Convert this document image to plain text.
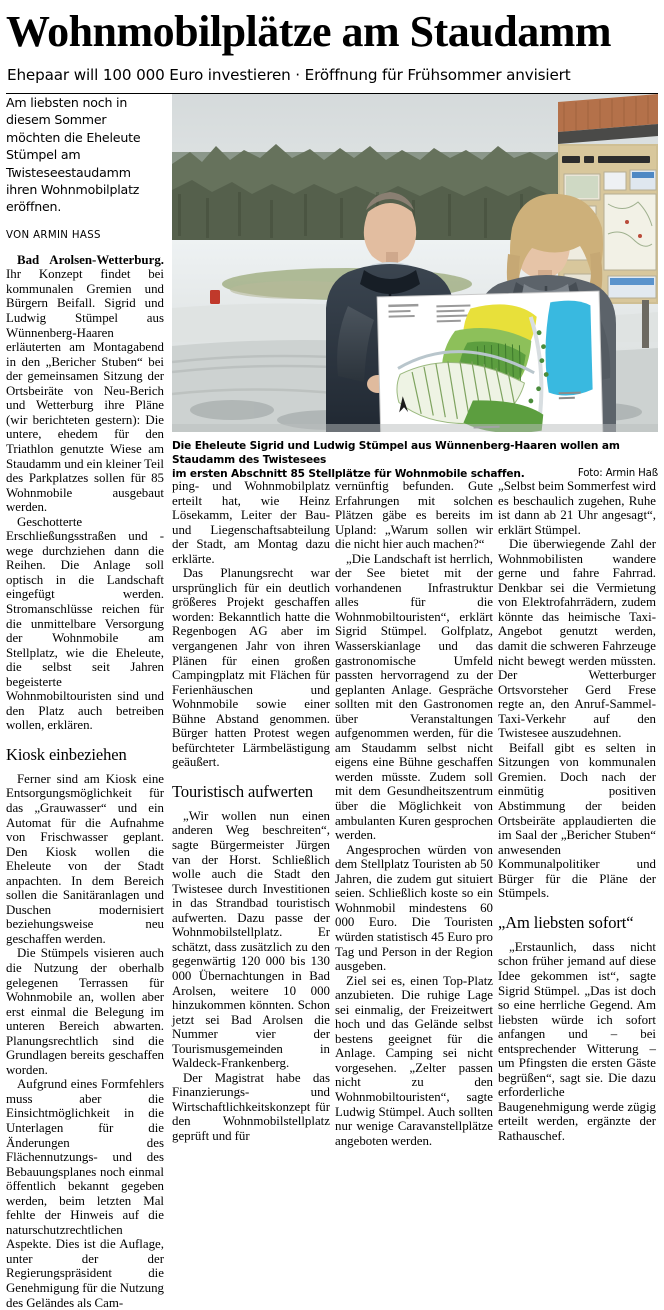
Wohnmobilplätze am Staudamm
Ehepaar will 100 000 Euro investieren · Eröffnung für Frühsommer anvisiert
Die Eheleute Sigrid und Ludwig Stümpel aus Wünnenberg-Haaren wollen am Staudamm des Twistesees
im ersten Abschnitt 85 Stellplätze für Wohnmobile schaffen.	Foto: Armin Haß
Am liebsten noch in diesem Sommer möchten die Eheleute Stümpel am Twisteseestaudamm ihren Wohnmobilplatz eröffnen.
VON ARMIN HASS

Bad Arolsen-Wetterburg. Ihr Konzept findet bei kommunalen Gremien und Bürgern Beifall. Sigrid und Ludwig Stümpel aus Wünnenberg-Haaren erläuterten am Montagabend in den „Bericher Stuben“ bei der gemeinsamen Sitzung der Ortsbeiräte von Neu-Berich und Wetterburg ihre Pläne (wir berichteten gestern): Die untere, ehedem für den Triathlon genutzte Wiese am Staudamm und ein kleiner Teil des Parkplatzes sollen für 85 Wohnmobile ausgebaut werden.

Geschotterte Erschließungsstraßen und -wege durchziehen dann die Reihen. Die Anlage soll optisch in die Landschaft eingefügt werden. Stromanschlüsse reichen für die unmittelbare Versorgung der Wohnmobile am Stellplatz, wie die Eheleute, die selbst seit Jahren begeisterte Wohnmobiltouristen sind und den Platz auch betreiben wollen, erklären.

Kiosk einbeziehen

Ferner sind am Kiosk eine Entsorgungsmöglichkeit für das „Grauwasser“ und ein Automat für die Aufnahme von Frischwasser geplant. Den Kiosk wollen die Eheleute von der Stadt anpachten. In dem Bereich sollen die Sanitäranlagen und Duschen modernisiert beziehungsweise neu geschaffen werden.

Die Stümpels visieren auch die Nutzung der oberhalb gelegenen Terrassen für Wohnmobile an, wollen aber erst einmal die Belegung im unteren Bereich abwarten. Planungsrechtlich sind die Grundlagen bereits geschaffen worden.

Aufgrund eines Formfehlers muss aber die Einsichtmöglichkeit in die Unterlagen für die Änderungen des Flächennutzungs- und des Bebauungsplanes noch einmal öffentlich bekannt gegeben werden, beim letzten Mal fehlte der Hinweis auf die naturschutzrechtlichen Aspekte. Dies ist die Auflage, unter der der Regierungspräsident die Genehmigung für die Nutzung des Geländes als Cam-

ping- und Wohnmobilplatz erteilt hat, wie Heinz Lösekamm, Leiter der Bau- und Liegenschaftsabteilung der Stadt, am Montag dazu erklärte.

Das Planungsrecht war ursprünglich für ein deutlich größeres Projekt geschaffen worden: Bekanntlich hatte die Regenbogen AG aber im vergangenen Jahr von ihren Plänen für einen großen Campingplatz mit Flächen für Ferienhäuschen und Wohnmobile sowie einer Bühne Abstand genommen. Bürger hatten Protest wegen befürchteter Lärmbelästigung geäußert.

Touristisch aufwerten

„Wir wollen nun einen anderen Weg beschreiten“, sagte Bürgermeister Jürgen van der Horst. Schließlich wolle auch die Stadt den Twistesee durch Investitionen in das Strandbad touristisch aufwerten. Dazu passe der Wohnmobilstellplatz. Er schätzt, dass zusätzlich zu den gegenwärtig 120 000 bis 130 000 Übernachtungen in Bad Arolsen, weitere 10 000 hinzukommen könnten. Schon jetzt sei Bad Arolsen die Nummer vier der Tourismusgemeinden in Waldeck-Frankenberg.

Der Magistrat habe das Finanzierungs- und Wirtschaftlichkeitskonzept für den Wohnmobilstellplatz geprüft und für

vernünftig befunden. Gute Erfahrungen mit solchen Plätzen gäbe es bereits im Upland: „Warum sollen wir die nicht hier auch machen?“

„Die Landschaft ist herrlich, der See bietet mit der vorhandenen Infrastruktur alles für die Wohnmobiltouristen“, erklärt Sigrid Stümpel. Golfplatz, Wasserskianlage und das gastronomische Umfeld passten hervorragend zu der geplanten Anlage. Gespräche sollten mit den Gastronomen über Veranstaltungen aufgenommen werden, für die am Staudamm selbst nicht eigens eine Bühne geschaffen werden müsste. Zudem soll mit dem Gesundheitszentrum über die Möglichkeit von ambulanten Kuren gesprochen werden.

Angesprochen würden von dem Stellplatz Touristen ab 50 Jahren, die zudem gut situiert seien. Schließlich koste so ein Wohnmobil mindestens 60 000 Euro. Die Touristen würden statistisch 45 Euro pro Tag und Person in der Region ausgeben.

Ziel sei es, einen Top-Platz anzubieten. Die ruhige Lage sei einmalig, der Freizeitwert hoch und das Gelände selbst bestens geeignet für die Anlage. Camping sei nicht vorgesehen. „Zelter passen nicht zu den Wohnmobiltouristen“, sagte Ludwig Stümpel. Auch sollten nur wenige Caravanstellplätze angeboten werden.

„Selbst beim Sommerfest wird es beschaulich zugehen, Ruhe ist dann ab 21 Uhr angesagt“, erklärt Stümpel.

Die überwiegende Zahl der Wohnmobilisten wandere gerne und fahre Fahrrad. Denkbar sei die Vermietung von Elektrofahrrädern, zudem könnte das heimische Taxi-Angebot genutzt werden, damit die schweren Fahrzeuge nicht bewegt werden müssten. Der Wetterburger Ortsvorsteher Gerd Frese regte an, den Anruf-Sammel-Taxi-Verkehr auf den Twistesee auszudehnen.

Beifall gibt es selten in Sitzungen von kommunalen Gremien. Doch nach der einmütig positiven Abstimmung der beiden Ortsbeiräte applaudierten die im Saal der „Bericher Stuben“ anwesenden Kommunalpolitiker und Bürger für die Pläne der Stümpels.

„Am liebsten sofort“

„Erstaunlich, dass nicht schon früher jemand auf diese Idee gekommen ist“, sagte Sigrid Stümpel. „Das ist doch so eine herrliche Gegend. Am liebsten würde ich sofort anfangen und – bei entsprechender Witterung – um Pfingsten die ersten Gäste begrüßen“, sagt sie. Die dazu erforderliche Baugenehmigung werde zügig erteilt werden, ergänzte der Rathauschef.
